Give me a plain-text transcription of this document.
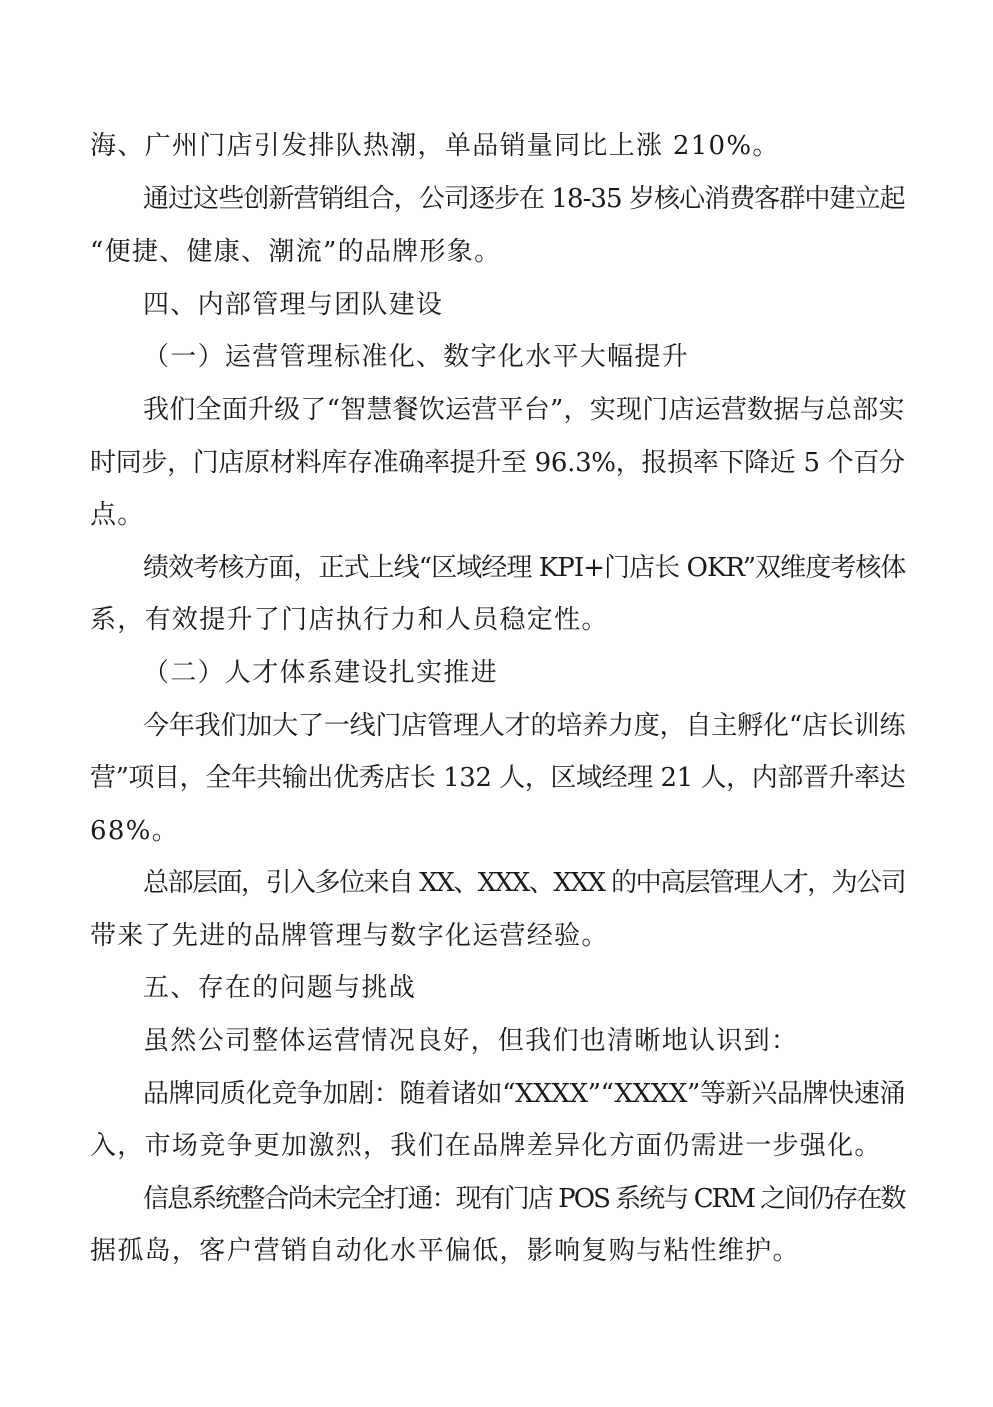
海、广州门店引发排队热潮，单品销量同比上涨 210%。
通过这些创新营销组合，公司逐步在 18-35 岁核心消费客群中建立起
“便捷、健康、潮流”的品牌形象。
四、内部管理与团队建设
（一）运营管理标准化、数字化水平大幅提升
我们全面升级了“智慧餐饮运营平台”，实现门店运营数据与总部实
时同步，门店原材料库存准确率提升至 96.3%，报损率下降近 5 个百分
点。
绩效考核方面，正式上线“区域经理 KPI+门店长 OKR”双维度考核体
系，有效提升了门店执行力和人员稳定性。
（二）人才体系建设扎实推进
今年我们加大了一线门店管理人才的培养力度，自主孵化“店长训练
营”项目，全年共输出优秀店长 132 人，区域经理 21 人，内部晋升率达
68%。
总部层面，引入多位来自 XX、XXX、XXX 的中高层管理人才，为公司
带来了先进的品牌管理与数字化运营经验。
五、存在的问题与挑战
虽然公司整体运营情况良好，但我们也清晰地认识到：
品牌同质化竞争加剧：随着诸如“XXXX”“XXXX”等新兴品牌快速涌
入，市场竞争更加激烈，我们在品牌差异化方面仍需进一步强化。
信息系统整合尚未完全打通：现有门店 POS 系统与 CRM 之间仍存在数
据孤岛，客户营销自动化水平偏低，影响复购与粘性维护。
